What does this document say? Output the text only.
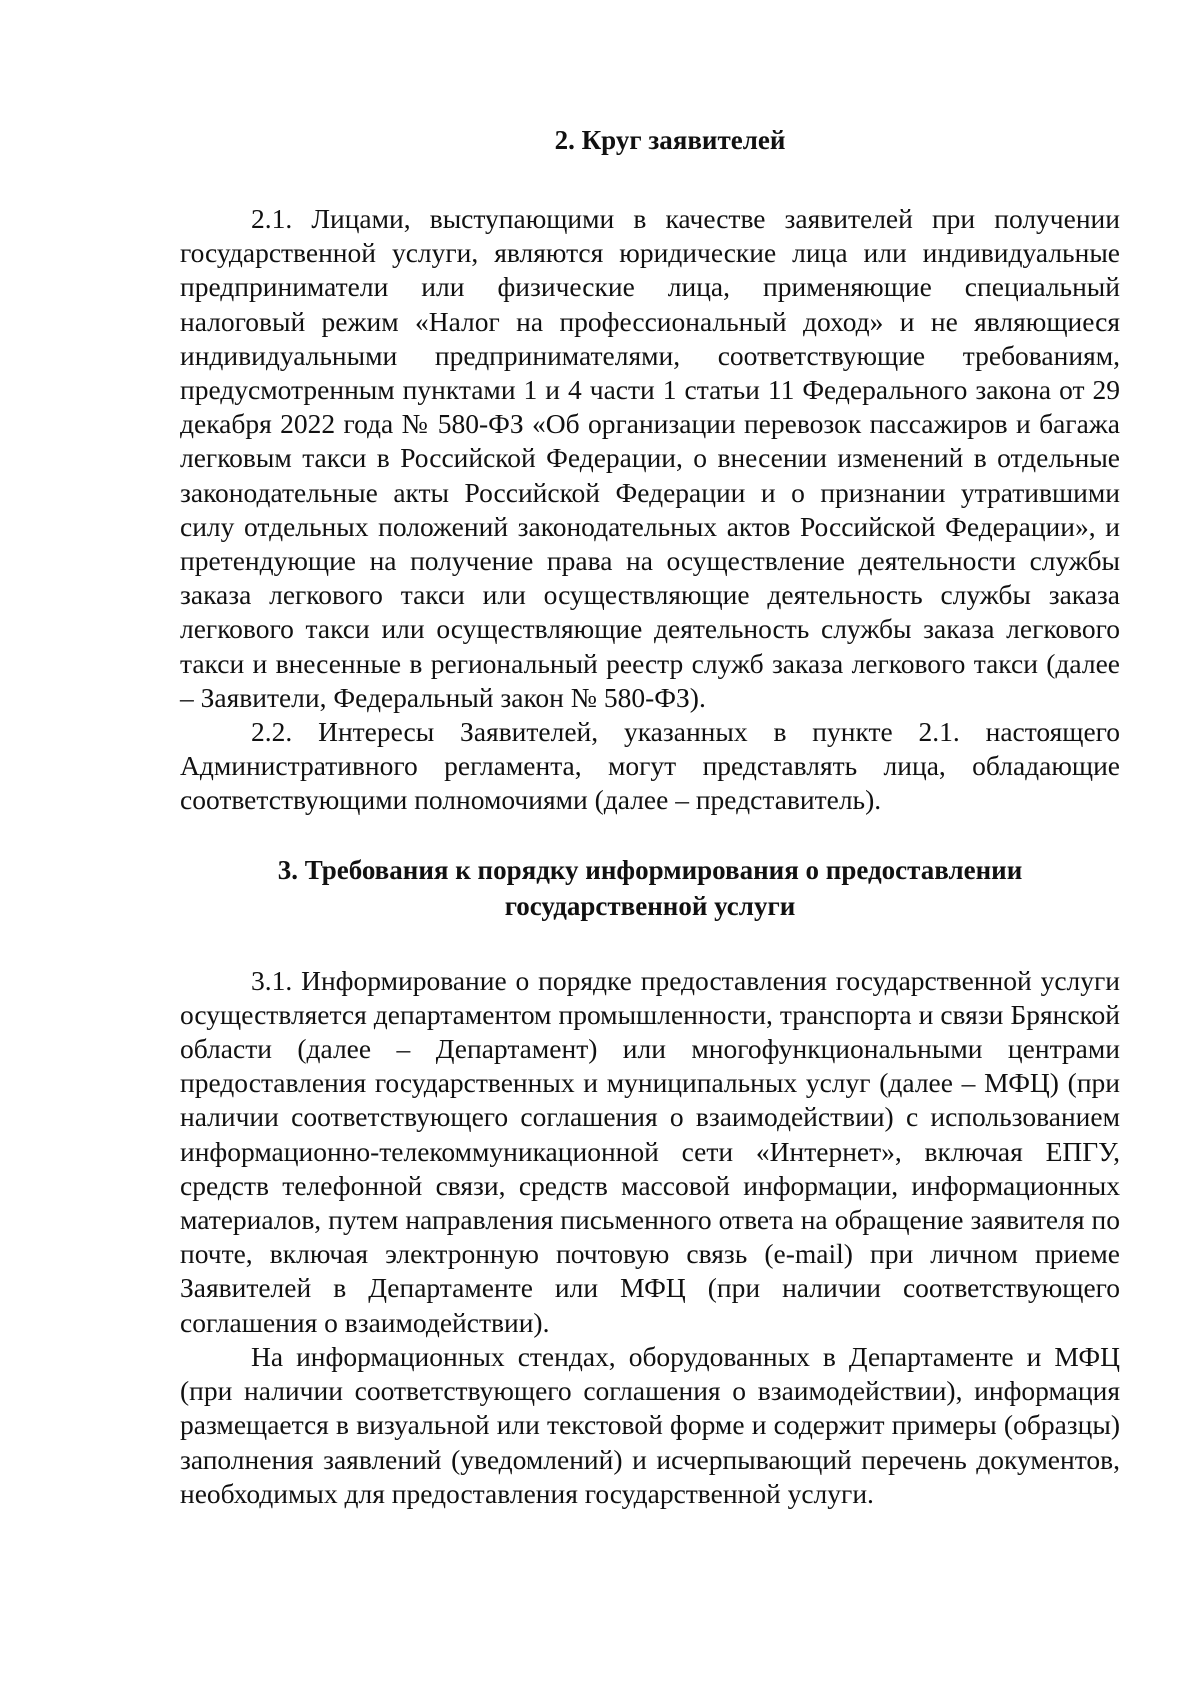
2. Круг заявителей

2.1. Лицами, выступающими в качестве заявителей при получении государственной услуги, являются юридические лица или индивидуальные предприниматели или физические лица, применяющие специальный налоговый режим «Налог на профессиональный доход» и не являющиеся индивидуальными предпринимателями, соответствующие требованиям, предусмотренным пунктами 1 и 4 части 1 статьи 11 Федерального закона от 29 декабря 2022 года № 580-ФЗ «Об организации перевозок пассажиров и багажа легковым такси в Российской Федерации, о внесении изменений в отдельные законодательные акты Российской Федерации и о признании утратившими силу отдельных положений законодательных актов Российской Федерации», и претендующие на получение права на осуществление деятельности службы заказа легкового такси или осуществляющие деятельность службы заказа легкового такси или осуществляющие деятельность службы заказа легкового такси и внесенные в региональный реестр служб заказа легкового такси (далее – Заявители, Федеральный закон № 580-ФЗ).

2.2. Интересы Заявителей, указанных в пункте 2.1. настоящего Административного регламента, могут представлять лица, обладающие соответствующими полномочиями (далее – представитель).

3. Требования к порядку информирования о предоставлении
государственной услуги

3.1. Информирование о порядке предоставления государственной услуги осуществляется департаментом промышленности, транспорта и связи Брянской области (далее – Департамент) или многофункциональными центрами предоставления государственных и муниципальных услуг (далее – МФЦ) (при наличии соответствующего соглашения о взаимодействии) с использованием информационно-телекоммуникационной сети «Интернет», включая ЕПГУ, средств телефонной связи, средств массовой информации, информационных материалов, путем направления письменного ответа на обращение заявителя по почте, включая электронную почтовую связь (e-mail) при личном приеме Заявителей в Департаменте или МФЦ (при наличии соответствующего соглашения о взаимодействии).

На информационных стендах, оборудованных в Департаменте и МФЦ (при наличии соответствующего соглашения о взаимодействии), информация размещается в визуальной или текстовой форме и содержит примеры (образцы) заполнения заявлений (уведомлений) и исчерпывающий перечень документов, необходимых для предоставления государственной услуги.
